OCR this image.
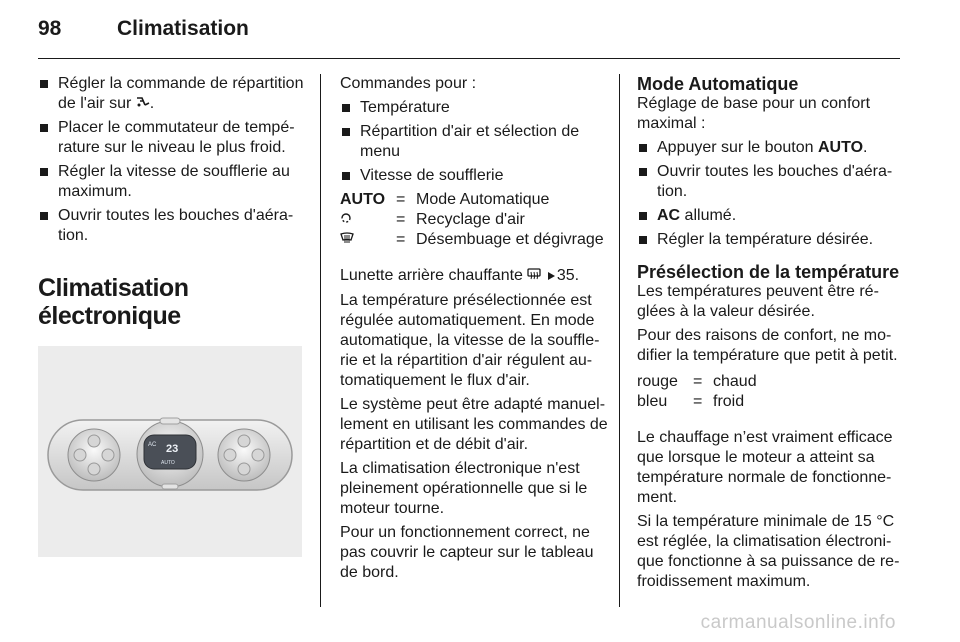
98	Climatisation
Régler la commande de répartition de l'air sur .
Placer le commutateur de tempé-rature sur le niveau le plus froid.
Régler la vitesse de soufflerie au maximum.
Ouvrir toutes les bouches d'aéra-tion.
Climatisation électronique
AC 23
AUTO

Commandes pour :

Température
Répartition d'air et sélection de menu
Vitesse de soufflerie
AUTO	=	Mode Automatique
	=	Recyclage d'air
	=	Désembuage et dégivrage

Lunette arrière chauffante 35.

La température présélectionnée est régulée automatiquement. En mode automatique, la vitesse de la souffle-rie et la répartition d'air régulent au-tomatiquement le flux d'air.

Le système peut être adapté manuel-lement en utilisant les commandes de répartition et de débit d'air.

La climatisation électronique n'est pleinement opérationnelle que si le moteur tourne.

Pour un fonctionnement correct, ne pas couvrir le capteur sur le tableau de bord.

Mode Automatique

Réglage de base pour un confort maximal :

Appuyer sur le bouton AUTO.
Ouvrir toutes les bouches d'aéra-tion.
AC allumé.
Régler la température désirée.
Présélection de la température

Les températures peuvent être ré-glées à la valeur désirée.

Pour des raisons de confort, ne mo-difier la température que petit à petit.

rouge	=	chaud
bleu	=	froid

Le chauffage n’est vraiment efficace que lorsque le moteur a atteint sa température normale de fonctionne-ment.

Si la température minimale de 15 °C est réglée, la climatisation électroni-que fonctionne à sa puissance de re-froidissement maximum.

carmanualsonline.info
